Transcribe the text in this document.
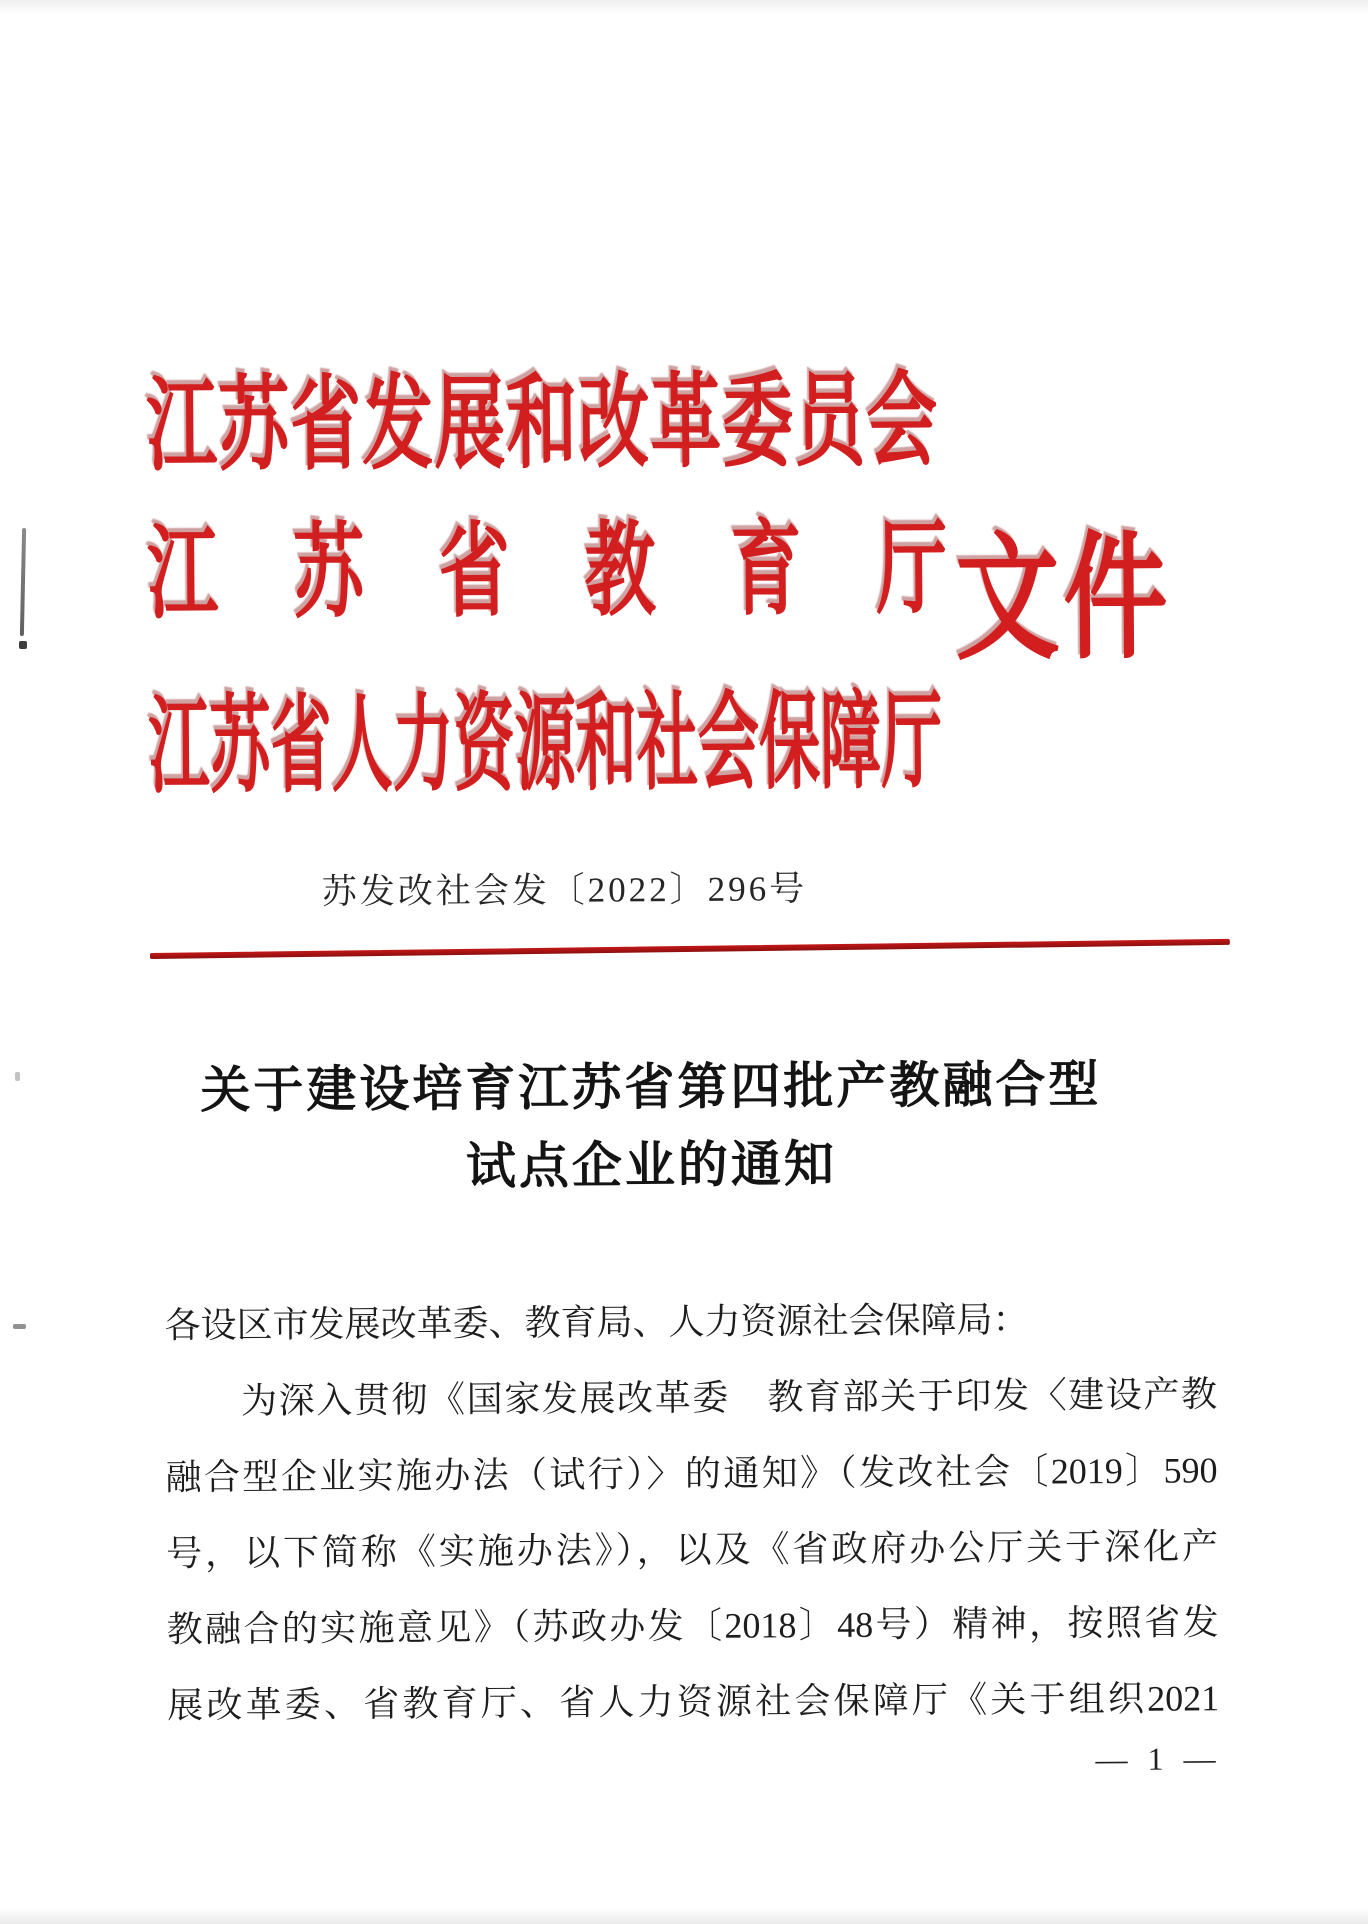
江苏省发展和改革委员会
江 苏 省 教 育 厅
江苏省人力资源和社会保障厅
文件
苏发改社会发〔2022〕296号
关于建设培育江苏省第四批产教融合型
试点企业的通知
各设区市发展改革委、教育局、人力资源社会保障局：
为深入贯彻《国家发展改革委　教育部关于印发〈建设产教
融合型企业实施办法（试行）〉的通知》（发改社会〔2019〕590
号，以下简称《实施办法》），以及《省政府办公厅关于深化产
教融合的实施意见》（苏政办发〔2018〕48号）精神，按照省发
展改革委、省教育厅、省人力资源社会保障厅《关于组织2021
— 1 —
